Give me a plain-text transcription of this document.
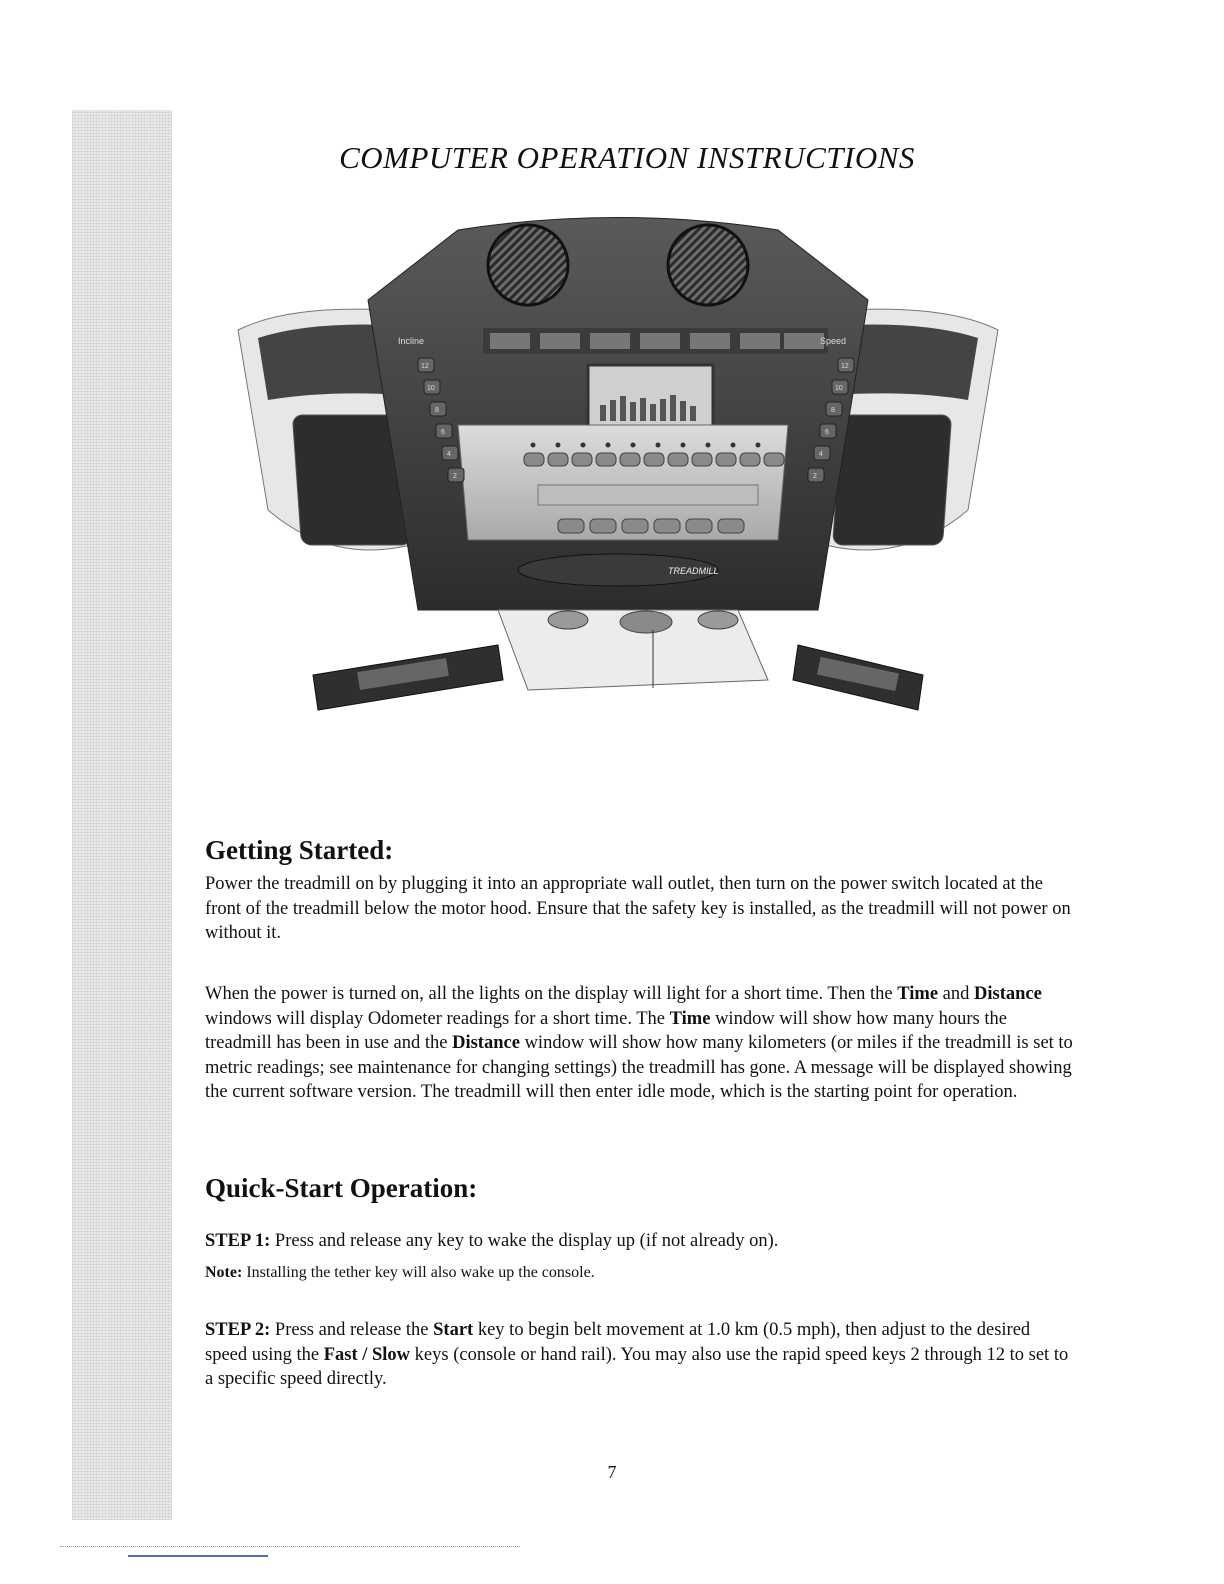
COMPUTER OPERATION INSTRUCTIONS
Incline	Speed
12
10
8
6
4
2
12
10
8
6
4
2
TREADMILL
Getting Started:

Power the treadmill on by plugging it into an appropriate wall outlet, then turn on the power switch located at the front of the treadmill below the motor hood. Ensure that the safety key is installed, as the treadmill will not power on without it.

When the power is turned on, all the lights on the display will light for a short time. Then the Time and Distance windows will display Odometer readings for a short time. The Time window will show how many hours the treadmill has been in use and the Distance window will show how many kilometers (or miles if the treadmill is set to metric readings; see maintenance for changing settings) the treadmill has gone. A message will be displayed showing the current software version. The treadmill will then enter idle mode, which is the starting point for operation.

Quick-Start Operation:

STEP 1: Press and release any key to wake the display up (if not already on).

Note: Installing the tether key will also wake up the console.

STEP 2: Press and release the Start key to begin belt movement at 1.0 km (0.5 mph), then adjust to the desired speed using the Fast / Slow keys (console or hand rail). You may also use the rapid speed keys 2 through 12 to set to a specific speed directly.

7
